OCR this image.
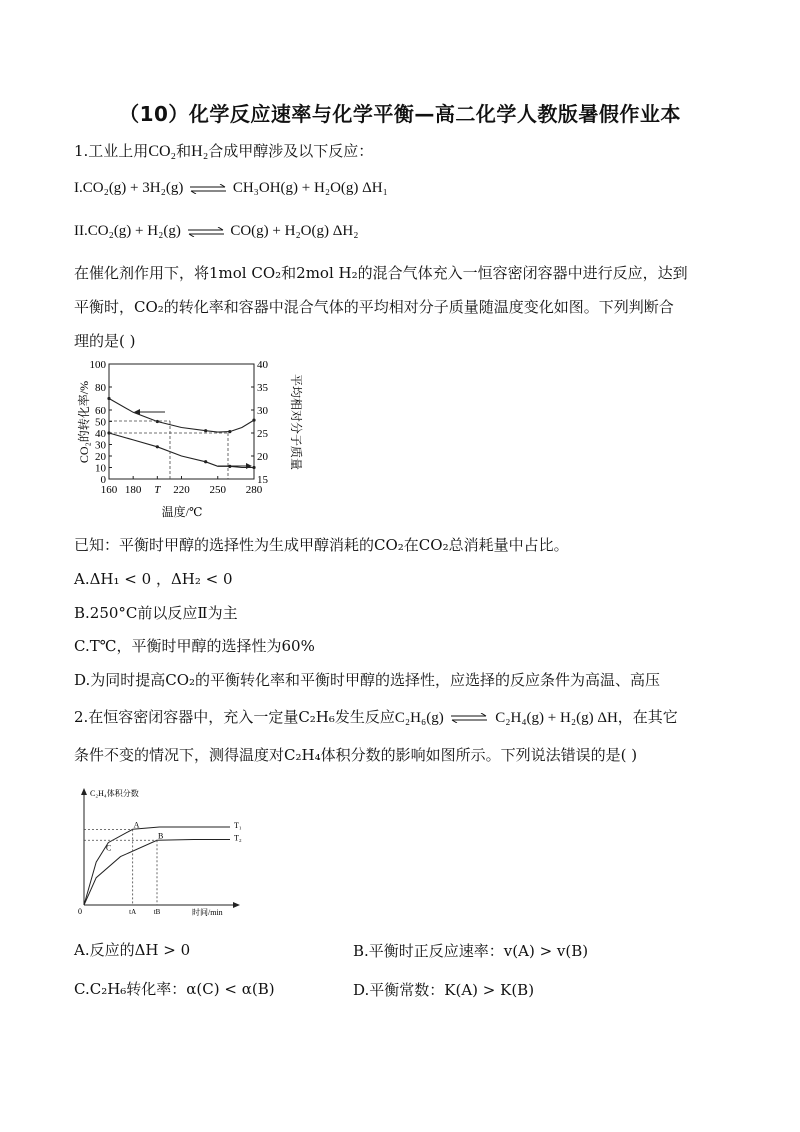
（10）化学反应速率与化学平衡—高二化学人教版暑假作业本
1.工业上用CO₂和H₂合成甲醇涉及以下反应：
I.CO₂(g) + 3H₂(g) ⇌ CH₃OH(g) + H₂O(g) ΔH₁
II.CO₂(g) + H₂(g) ⇌ CO(g) + H₂O(g) ΔH₂
在催化剂作用下，将1mol CO₂和2mol H₂的混合气体充入一恒容密闭容器中进行反应，达到
平衡时，CO₂的转化率和容器中混合气体的平均相对分子质量随温度变化如图。下列判断合
理的是( )
0
10
20
30
40
50
60
80
100
15
20
25
30
35
40
160 180 T 220 250 280
温度/℃
CO₂的转化率/%	平均相对分子质量
已知：平衡时甲醇的选择性为生成甲醇消耗的CO₂在CO₂总消耗量中占比。
A.ΔH₁ < 0 ，ΔH₂ < 0
B.250°C前以反应Ⅱ为主
C.T℃，平衡时甲醇的选择性为60%
D.为同时提高CO₂的平衡转化率和平衡时甲醇的选择性，应选择的反应条件为高温、高压
2.在恒容密闭容器中，充入一定量C₂H₆发生反应C₂H₆(g) ⇌ C₂H₄(g) + H₂(g) ΔH，在其它
条件不变的情况下，测得温度对C₂H₄体积分数的影响如图所示。下列说法错误的是( )
C₂H₄体积分数
时间/min
T₁
T₂
0	tA	tB
A
B
C
A.反应的ΔH > 0	B.平衡时正反应速率：v(A) > v(B)
C.C₂H₆转化率：α(C) < α(B)	D.平衡常数：K(A) > K(B)
